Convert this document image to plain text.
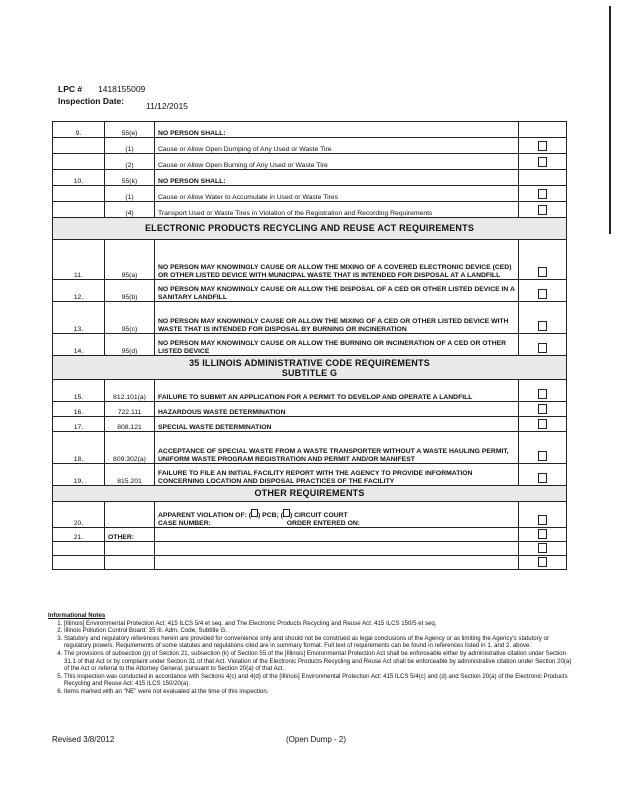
LPC # 1418155009
Inspection Date:	11/12/2015
9.	55(e)	NO PERSON SHALL:	
	(1)	Cause or Allow Open Dumping of Any Used or Waste Tire	
	(2)	Cause or Allow Open Burning of Any Used or Waste Tire	
10.	55(k)	NO PERSON SHALL:	
	(1)	Cause or Allow Water to Accumulate in Used or Waste Tires	
	(4)	Transport Used or Waste Tires in Violation of the Registration and Recording Requirements	
ELECTRONIC PRODUCTS RECYCLING AND REUSE ACT REQUIREMENTS			
11.	95(a)	NO PERSON MAY KNOWINGLY CAUSE OR ALLOW THE MIXING OF A COVERED ELECTRONIC DEVICE (CED) OR OTHER LISTED DEVICE WITH MUNICIPAL WASTE THAT IS INTENDED FOR DISPOSAL AT A LANDFILL	
12.	95(b)	NO PERSON MAY KNOWINGLY CAUSE OR ALLOW THE DISPOSAL OF A CED OR OTHER LISTED DEVICE IN A SANITARY LANDFILL	
13.	95(c)	NO PERSON MAY KNOWINGLY CAUSE OR ALLOW THE MIXING OF A CED OR OTHER LISTED DEVICE WITH WASTE THAT IS INTENDED FOR DISPOSAL BY BURNING OR INCINERATION	
14.	95(d)	NO PERSON MAY KNOWINGLY CAUSE OR ALLOW THE BURNING OR INCINERATION OF A CED OR OTHER LISTED DEVICE	

35 ILLINOIS ADMINISTRATIVE CODE REQUIREMENTS
SUBTITLE G			

15.	812.101(a)	FAILURE TO SUBMIT AN APPLICATION FOR A PERMIT TO DEVELOP AND OPERATE A LANDFILL	
16.	722.111	HAZARDOUS WASTE DETERMINATION	
17.	808.121	SPECIAL WASTE DETERMINATION	
18.	809.302(a)	ACCEPTANCE OF SPECIAL WASTE FROM A WASTE TRANSPORTER WITHOUT A WASTE HAULING PERMIT, UNIFORM WASTE PROGRAM REGISTRATION AND PERMIT AND/OR MANIFEST	
19.	815.201	FAILURE TO FILE AN INITIAL FACILITY REPORT WITH THE AGENCY TO PROVIDE INFORMATION CONCERNING LOCATION AND DISPOSAL PRACTICES OF THE FACILITY	
OTHER REQUIREMENTS			
20.		APPARENT VIOLATION OF: ( ) PCB; ( ) CIRCUIT COURT
CASE NUMBER: ORDER ENTERED ON:	

21.	OTHER:		

Informational Notes
1. [Illinois] Environmental Protection Act: 415 ILCS 5/4 et seq. and The Electronic Products Recycling and Reuse Act: 415 ILCS 150/5 et seq.
2. Illinois Pollution Control Board: 35 Ill. Adm. Code, Subtitle G.
3. Statutory and regulatory references herein are provided for convenience only and should not be construed as legal conclusions of the Agency or as limiting the Agency's statutory or regulatory powers. Requirements of some statutes and regulations cited are in summary format. Full text of requirements can be found in references listed in 1. and 2. above.
4. The provisions of subsection (p) of Section 21, subsection (k) of Section 55 of the [Illinois] Environmental Protection Act shall be enforceable either by administrative citation under Section 31.1 of that Act or by complaint under Section 31 of that Act. Violation of the Electronic Products Recycling and Reuse Act shall be enforceable by administrative citation under Section 20(a) of the Act or referral to the Attorney General, pursuant to Section 20(a) of that Act.
5. This inspection was conducted in accordance with Sections 4(c) and 4(d) of the [Illinois] Environmental Protection Act: 415 ILCS 5/4(c) and (d) and Section 20(a) of the Electronic Products Recycling and Reuse Act: 415 ILCS 150/20(a).
6. Items marked with an "NE" were not evaluated at the time of this inspection.
Revised 3/8/2012	(Open Dump - 2)
